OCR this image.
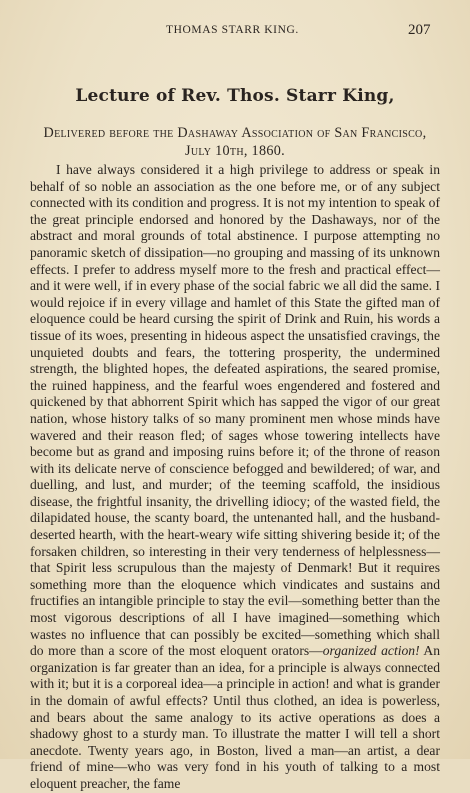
THOMAS STARR KING.	207
Lecture of Rev. Thos. Starr King,
Delivered before the Dashaway Association of San Francisco, July 10th, 1860.

I have always considered it a high privilege to address or speak in behalf of so noble an association as the one before me, or of any subject connected with its condition and progress. It is not my intention to speak of the great principle endorsed and honored by the Dashaways, nor of the abstract and moral grounds of total abstinence. I purpose attempting no panoramic sketch of dissipation—no grouping and massing of its unknown effects. I prefer to address myself more to the fresh and practical effect—and it were well, if in every phase of the social fabric we all did the same. I would rejoice if in every village and hamlet of this State the gifted man of eloquence could be heard cursing the spirit of Drink and Ruin, his words a tissue of its woes, presenting in hideous aspect the unsatisfied cravings, the unquieted doubts and fears, the tottering prosperity, the undermined strength, the blighted hopes, the defeated aspirations, the seared promise, the ruined happiness, and the fearful woes engendered and fostered and quickened by that abhorrent Spirit which has sapped the vigor of our great nation, whose history talks of so many prominent men whose minds have wavered and their reason fled; of sages whose towering intellects have become but as grand and imposing ruins before it; of the throne of reason with its delicate nerve of conscience befogged and bewildered; of war, and duelling, and lust, and murder; of the teeming scaffold, the insidious disease, the frightful insanity, the drivelling idiocy; of the wasted field, the dilapidated house, the scanty board, the untenanted hall, and the husband-deserted hearth, with the heart-weary wife sitting shivering beside it; of the forsaken children, so interesting in their very tenderness of helplessness—that Spirit less scrupulous than the majesty of Denmark! But it requires something more than the eloquence which vindicates and sustains and fructifies an intangible principle to stay the evil—something better than the most vigorous descriptions of all I have imagined—something which wastes no influence that can possibly be excited—something which shall do more than a score of the most eloquent orators—organized action! An organization is far greater than an idea, for a principle is always connected with it; but it is a corporeal idea—a principle in action! and what is grander in the domain of awful effects? Until thus clothed, an idea is powerless, and bears about the same analogy to its active operations as does a shadowy ghost to a sturdy man. To illustrate the matter I will tell a short anecdote. Twenty years ago, in Boston, lived a man—an artist, a dear friend of mine—who was very fond in his youth of talking to a most eloquent preacher, the fame
